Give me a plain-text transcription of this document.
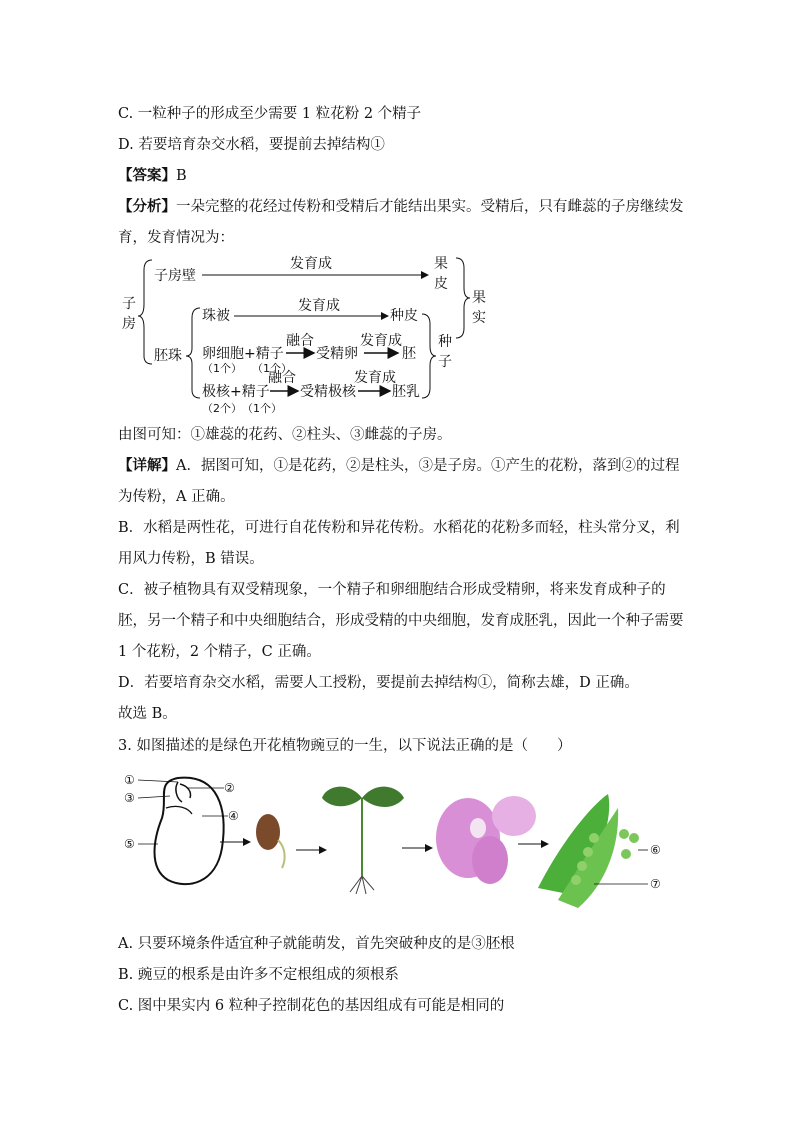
C. 一粒种子的形成至少需要 1 粒花粉 2 个精子
D. 若要培育杂交水稻，要提前去掉结构①
【答案】B
【分析】一朵完整的花经过传粉和受精后才能结出果实。受精后，只有雌蕊的子房继续发
育，发育情况为：
子
房
子房壁
发育成	果
皮
果
实
胚珠
珠被
发育成
种皮
卵细胞+精子
（1个） （1个）
融合
受精卵
发育成
胚
种
子
极核+精子
（2个） （1个）
融合
受精极核
发育成
胚乳
由图可知：①雄蕊的花药、②柱头、③雌蕊的子房。
【详解】A．据图可知，①是花药，②是柱头，③是子房。①产生的花粉，落到②的过程
为传粉，A 正确。
B．水稻是两性花，可进行自花传粉和异花传粉。水稻花的花粉多而轻，柱头常分叉，利
用风力传粉，B 错误。
C．被子植物具有双受精现象，一个精子和卵细胞结合形成受精卵，将来发育成种子的
胚，另一个精子和中央细胞结合，形成受精的中央细胞，发育成胚乳，因此一个种子需要
1 个花粉，2 个精子，C 正确。
D．若要培育杂交水稻，需要人工授粉，要提前去掉结构①，简称去雄，D 正确。
故选 B。
3. 如图描述的是绿色开花植物豌豆的一生，以下说法正确的是（　　）
①
③
②
④
⑤	⑥
⑦
A. 只要环境条件适宜种子就能萌发，首先突破种皮的是③胚根
B. 豌豆的根系是由许多不定根组成的须根系
C. 图中果实内 6 粒种子控制花色的基因组成有可能是相同的
